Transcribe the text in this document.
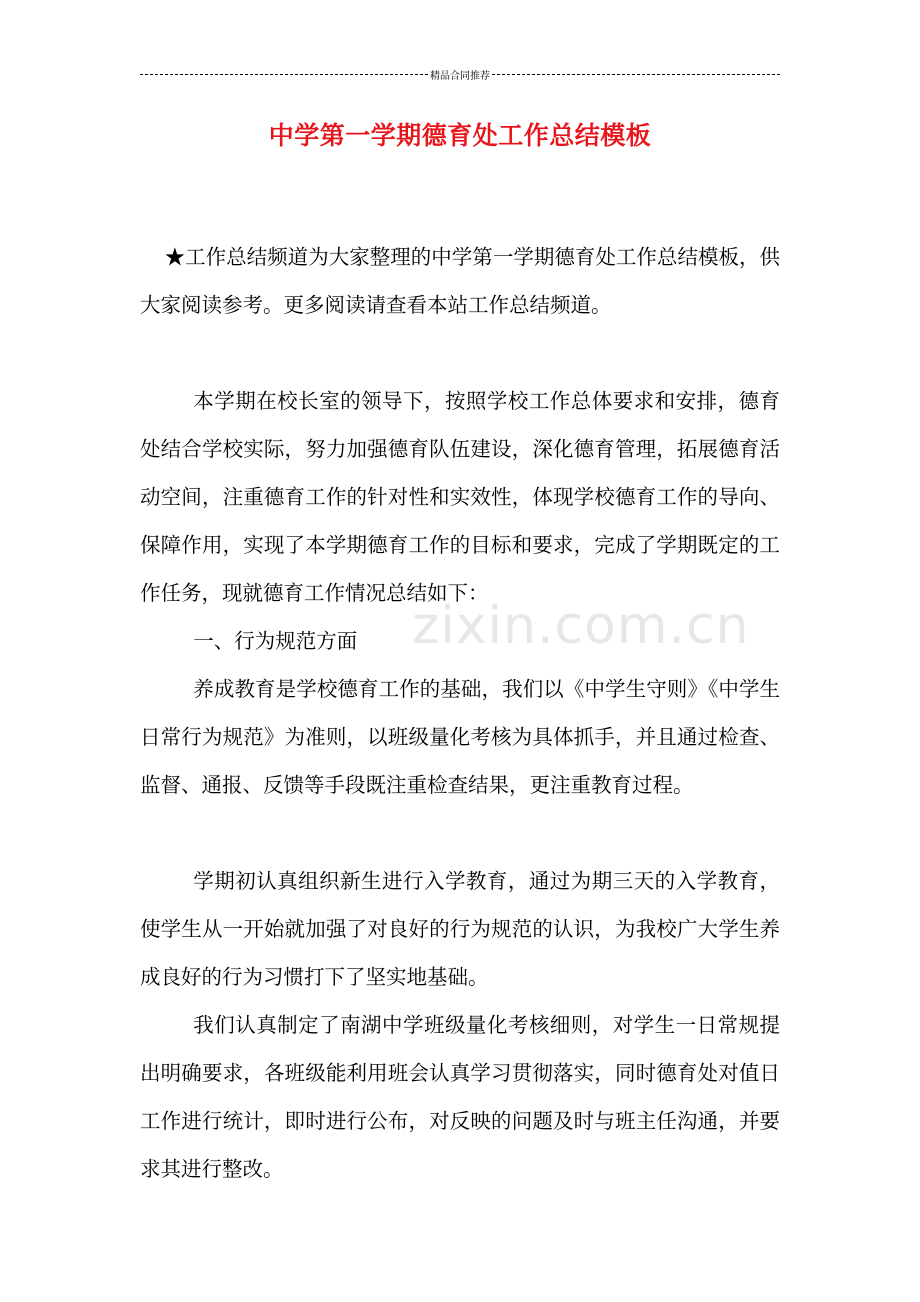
精品合同推荐
中学第一学期德育处工作总结模板
★工作总结频道为大家整理的中学第一学期德育处工作总结模板，供大家阅读参考。更多阅读请查看本站工作总结频道。
本学期在校长室的领导下，按照学校工作总体要求和安排，德育处结合学校实际，努力加强德育队伍建设，深化德育管理，拓展德育活动空间，注重德育工作的针对性和实效性，体现学校德育工作的导向、保障作用，实现了本学期德育工作的目标和要求，完成了学期既定的工作任务，现就德育工作情况总结如下：
一、行为规范方面
养成教育是学校德育工作的基础，我们以《中学生守则》《中学生日常行为规范》为准则，以班级量化考核为具体抓手，并且通过检查、监督、通报、反馈等手段既注重检查结果，更注重教育过程。
学期初认真组织新生进行入学教育，通过为期三天的入学教育，使学生从一开始就加强了对良好的行为规范的认识，为我校广大学生养成良好的行为习惯打下了坚实地基础。
我们认真制定了南湖中学班级量化考核细则，对学生一日常规提出明确要求，各班级能利用班会认真学习贯彻落实，同时德育处对值日工作进行统计，即时进行公布，对反映的问题及时与班主任沟通，并要求其进行整改。
zixin.com.cn
